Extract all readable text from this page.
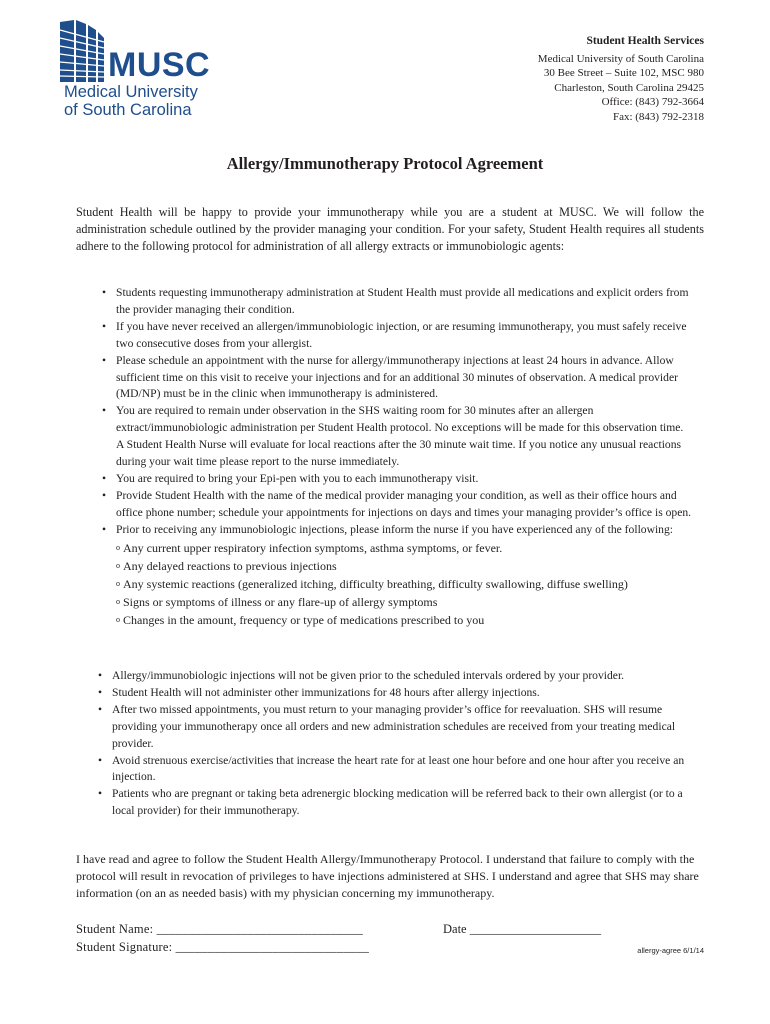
MUSC
Medical University
of South Carolina
Student Health Services
Medical University of South Carolina
30 Bee Street – Suite 102, MSC 980
Charleston, South Carolina 29425
Office: (843) 792-3664
Fax: (843) 792-2318
Allergy/Immunotherapy Protocol Agreement

Student Health will be happy to provide your immunotherapy while you are a student at MUSC. We will follow the administration schedule outlined by the provider managing your condition. For your safety, Student Health requires all students adhere to the following protocol for administration of all allergy extracts or immunobiologic agents:

• Students requesting immunotherapy administration at Student Health must provide all medications and explicit orders from the provider managing their condition.
• If you have never received an allergen/immunobiologic injection, or are resuming immunotherapy, you must safely receive two consecutive doses from your allergist.
• Please schedule an appointment with the nurse for allergy/immunotherapy injections at least 24 hours in advance. Allow sufficient time on this visit to receive your injections and for an additional 30 minutes of observation. A medical provider (MD/NP) must be in the clinic when immunotherapy is administered.
• You are required to remain under observation in the SHS waiting room for 30 minutes after an allergen extract/immunobiologic administration per Student Health protocol. No exceptions will be made for this observation time. A Student Health Nurse will evaluate for local reactions after the 30 minute wait time. If you notice any unusual reactions during your wait time please report to the nurse immediately.
• You are required to bring your Epi-pen with you to each immunotherapy visit.
• Provide Student Health with the name of the medical provider managing your condition, as well as their office hours and office phone number; schedule your appointments for injections on days and times your managing provider’s office is open.
• Prior to receiving any immunobiologic injections, please inform the nurse if you have experienced any of the following:
o Any current upper respiratory infection symptoms, asthma symptoms, or fever.
o Any delayed reactions to previous injections
o Any systemic reactions (generalized itching, difficulty breathing, difficulty swallowing, diffuse swelling)
o Signs or symptoms of illness or any flare-up of allergy symptoms
o Changes in the amount, frequency or type of medications prescribed to you
• Allergy/immunobiologic injections will not be given prior to the scheduled intervals ordered by your provider.
• Student Health will not administer other immunizations for 48 hours after allergy injections.
• After two missed appointments, you must return to your managing provider’s office for reevaluation. SHS will resume providing your immunotherapy once all orders and new administration schedules are received from your treating medical provider.
• Avoid strenuous exercise/activities that increase the heart rate for at least one hour before and one hour after you receive an injection.
• Patients who are pregnant or taking beta adrenergic blocking medication will be referred back to their own allergist (or to a local provider) for their immunotherapy.

I have read and agree to follow the Student Health Allergy/Immunotherapy Protocol. I understand that failure to comply with the protocol will result in revocation of privileges to have injections administered at SHS. I understand and agree that SHS may share information (on an as needed basis) with my physician concerning my immunotherapy.

Student Name: ________________________________	Date _____________________
Student Signature: ______________________________	allergy-agree 6/1/14
